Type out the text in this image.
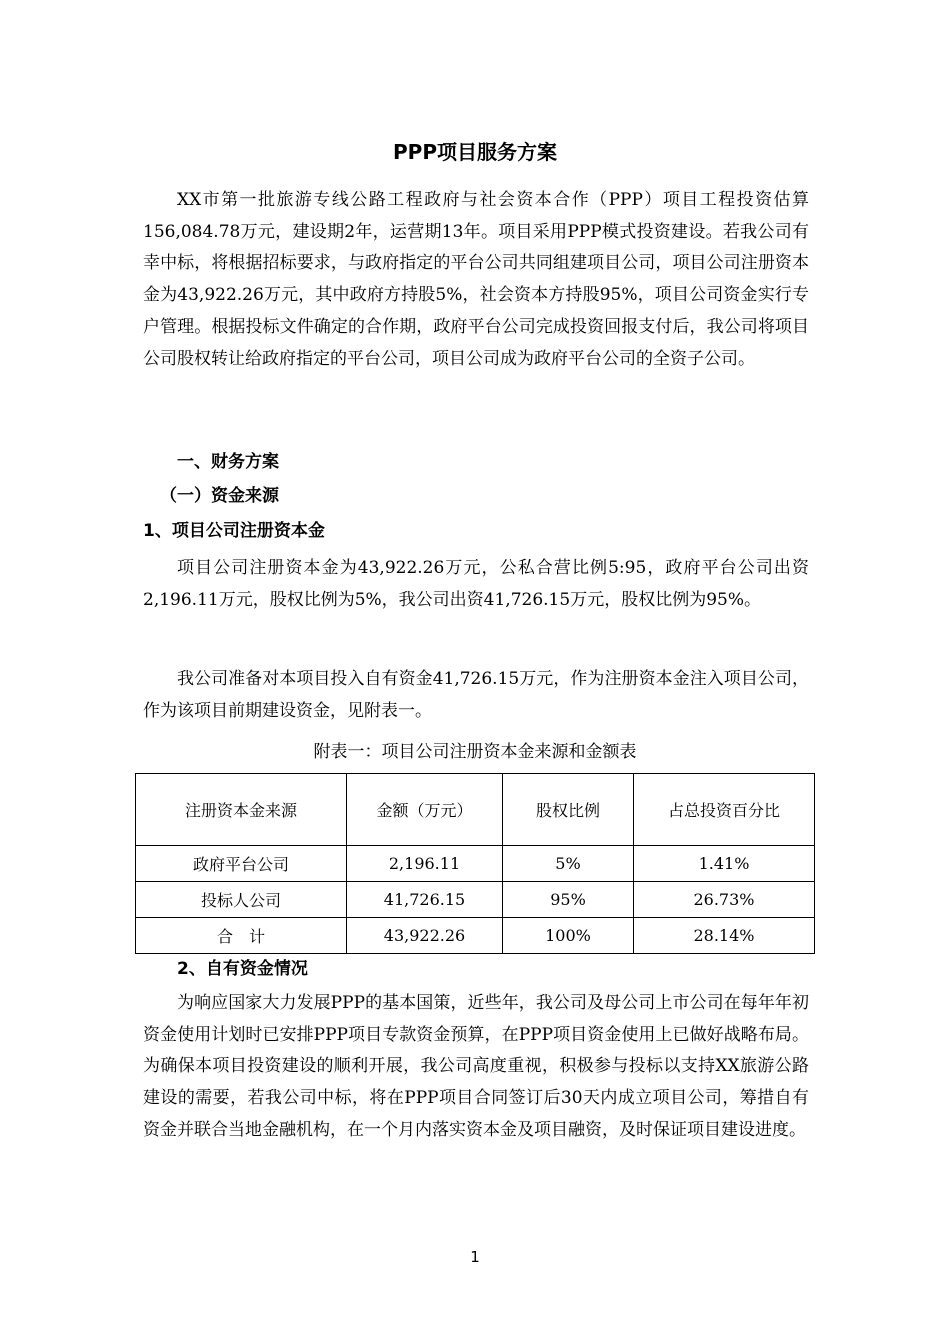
PPP项目服务方案

XX市第一批旅游专线公路工程政府与社会资本合作（PPP）项目工程投资估算156,084.78万元，建设期2年，运营期13年。项目采用PPP模式投资建设。若我公司有幸中标，将根据招标要求，与政府指定的平台公司共同组建项目公司，项目公司注册资本金为43,922.26万元，其中政府方持股5%，社会资本方持股95%，项目公司资金实行专户管理。根据投标文件确定的合作期，政府平台公司完成投资回报支付后，我公司将项目公司股权转让给政府指定的平台公司，项目公司成为政府平台公司的全资子公司。

一、财务方案
（一）资金来源
1、项目公司注册资本金

项目公司注册资本金为43,922.26万元，公私合营比例5:95，政府平台公司出资2,196.11万元，股权比例为5%，我公司出资41,726.15万元，股权比例为95%。

我公司准备对本项目投入自有资金41,726.15万元，作为注册资本金注入项目公司，作为该项目前期建设资金，见附表一。

附表一：项目公司注册资本金来源和金额表
注册资本金来源	金额（万元）	股权比例	占总投资百分比
政府平台公司	2,196.11	5%	1.41%
投标人公司	41,726.15	95%	26.73%
合　计	43,922.26	100%	28.14%
2、自有资金情况

为响应国家大力发展PPP的基本国策，近些年，我公司及母公司上市公司在每年年初资金使用计划时已安排PPP项目专款资金预算，在PPP项目资金使用上已做好战略布局。为确保本项目投资建设的顺利开展，我公司高度重视，积极参与投标以支持XX旅游公路建设的需要，若我公司中标，将在PPP项目合同签订后30天内成立项目公司，筹措自有资金并联合当地金融机构，在一个月内落实资本金及项目融资，及时保证项目建设进度。

1
